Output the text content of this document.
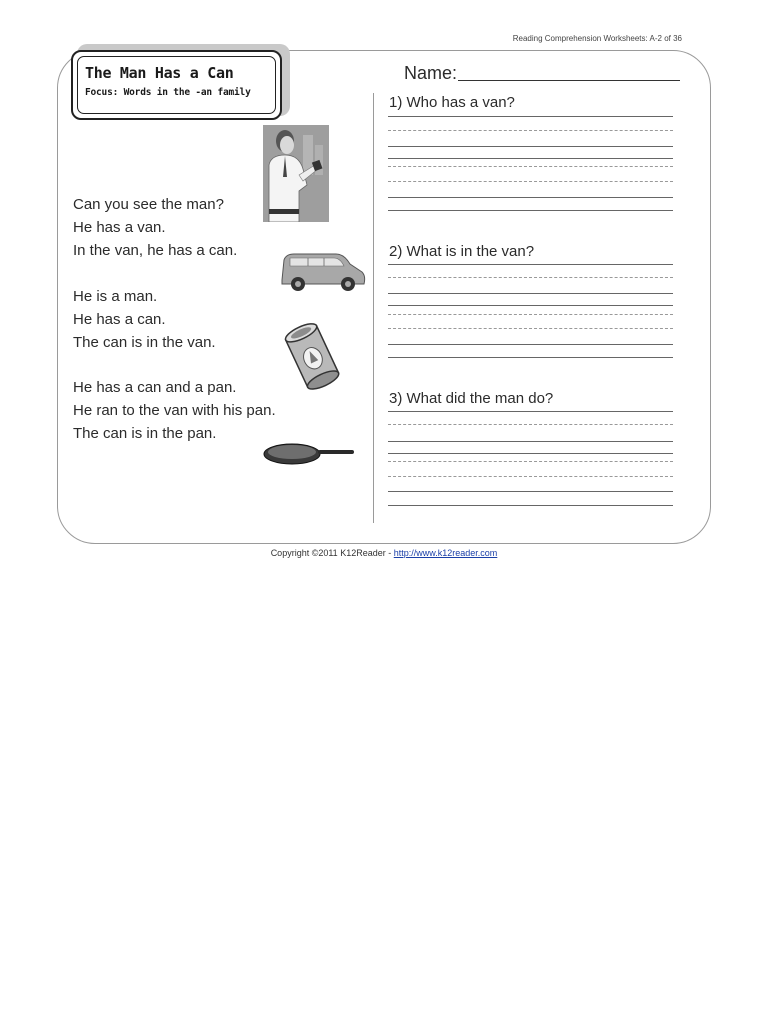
Reading Comprehension Worksheets: A-2 of 36
The Man Has a Can
Focus: Words in the -an family
Can you see the man?
He has a van.
In the van, he has a can.
He is a man.
He has a can.
The can is in the van.
He has a can and a pan.
He ran to the van with his pan.
The can is in the pan.
Name:
1) Who has a van?
2) What is in the van?
3) What did the man do?
Copyright ©2011 K12Reader - http://www.k12reader.com
